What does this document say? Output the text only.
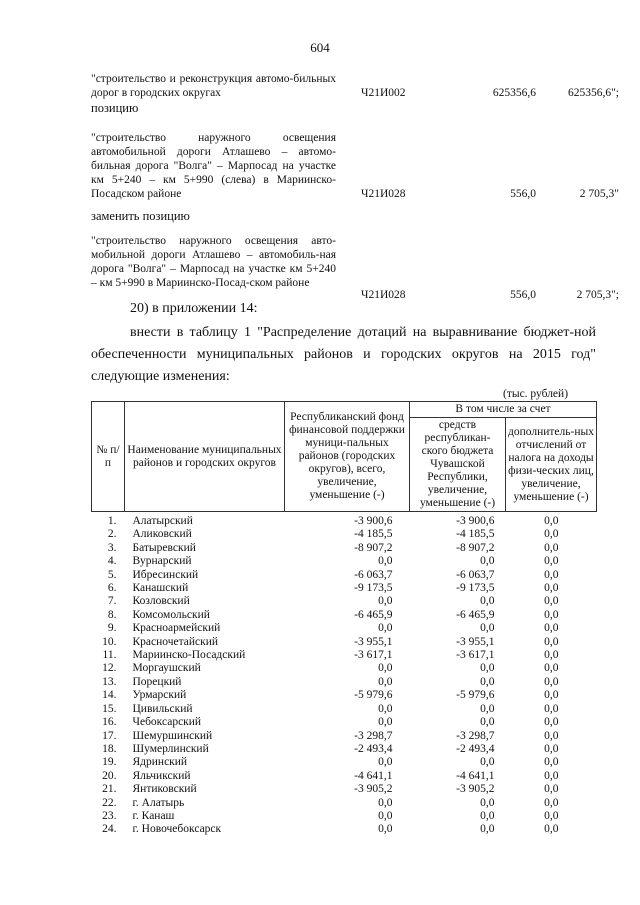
604
"строительство и реконструкция автомо-бильных дорог в городских округах	Ч21И002	625356,6	625356,6";
позицию
"строительство наружного освещения автомобильной дороги Атлашево – автомо-бильная дорога "Волга" – Марпосад на участке км 5+240 – км 5+990 (слева) в Мариинско-Посадском районе	Ч21И028	556,0	2 705,3"
заменить позицию
"строительство наружного освещения авто-мобильной дороги Атлашево – автомобиль-ная дорога "Волга" – Марпосад на участке км 5+240 – км 5+990 в Мариинско-Посад-ском районе
Ч21И028	556,0	2 705,3";
20) в приложении 14:
внести в таблицу 1 "Распределение дотаций на выравнивание бюджет-ной обеспеченности муниципальных районов и городских округов на 2015 год" следующие изменения:
(тыс. рублей)
№ п/п	Наименование муниципальных районов и городских округов	Республиканский фонд финансовой поддержки муници-пальных районов (городских округов), всего, увеличение, уменьшение (-)	В том числе за счет	
			средств республикан-ского бюджета Чувашской Республики, увеличение, уменьшение (-)	дополнитель-ных отчислений от налога на доходы физи-ческих лиц, увеличение, уменьшение (-)
1.	Алатырский	-3 900,6	-3 900,6	0,0
2.	Аликовский	-4 185,5	-4 185,5	0,0
3.	Батыревский	-8 907,2	-8 907,2	0,0
4.	Вурнарский	0,0	0,0	0,0
5.	Ибресинский	-6 063,7	-6 063,7	0,0
6.	Канашский	-9 173,5	-9 173,5	0,0
7.	Козловский	0,0	0,0	0,0
8.	Комсомольский	-6 465,9	-6 465,9	0,0
9.	Красноармейский	0,0	0,0	0,0
10.	Красночетайский	-3 955,1	-3 955,1	0,0
11.	Мариинско-Посадский	-3 617,1	-3 617,1	0,0
12.	Моргаушский	0,0	0,0	0,0
13.	Порецкий	0,0	0,0	0,0
14.	Урмарский	-5 979,6	-5 979,6	0,0
15.	Цивильский	0,0	0,0	0,0
16.	Чебоксарский	0,0	0,0	0,0
17.	Шемуршинский	-3 298,7	-3 298,7	0,0
18.	Шумерлинский	-2 493,4	-2 493,4	0,0
19.	Ядринский	0,0	0,0	0,0
20.	Яльчикский	-4 641,1	-4 641,1	0,0
21.	Янтиковский	-3 905,2	-3 905,2	0,0
22.	г. Алатырь	0,0	0,0	0,0
23.	г. Канаш	0,0	0,0	0,0
24.	г. Новочебоксарск	0,0	0,0	0,0
